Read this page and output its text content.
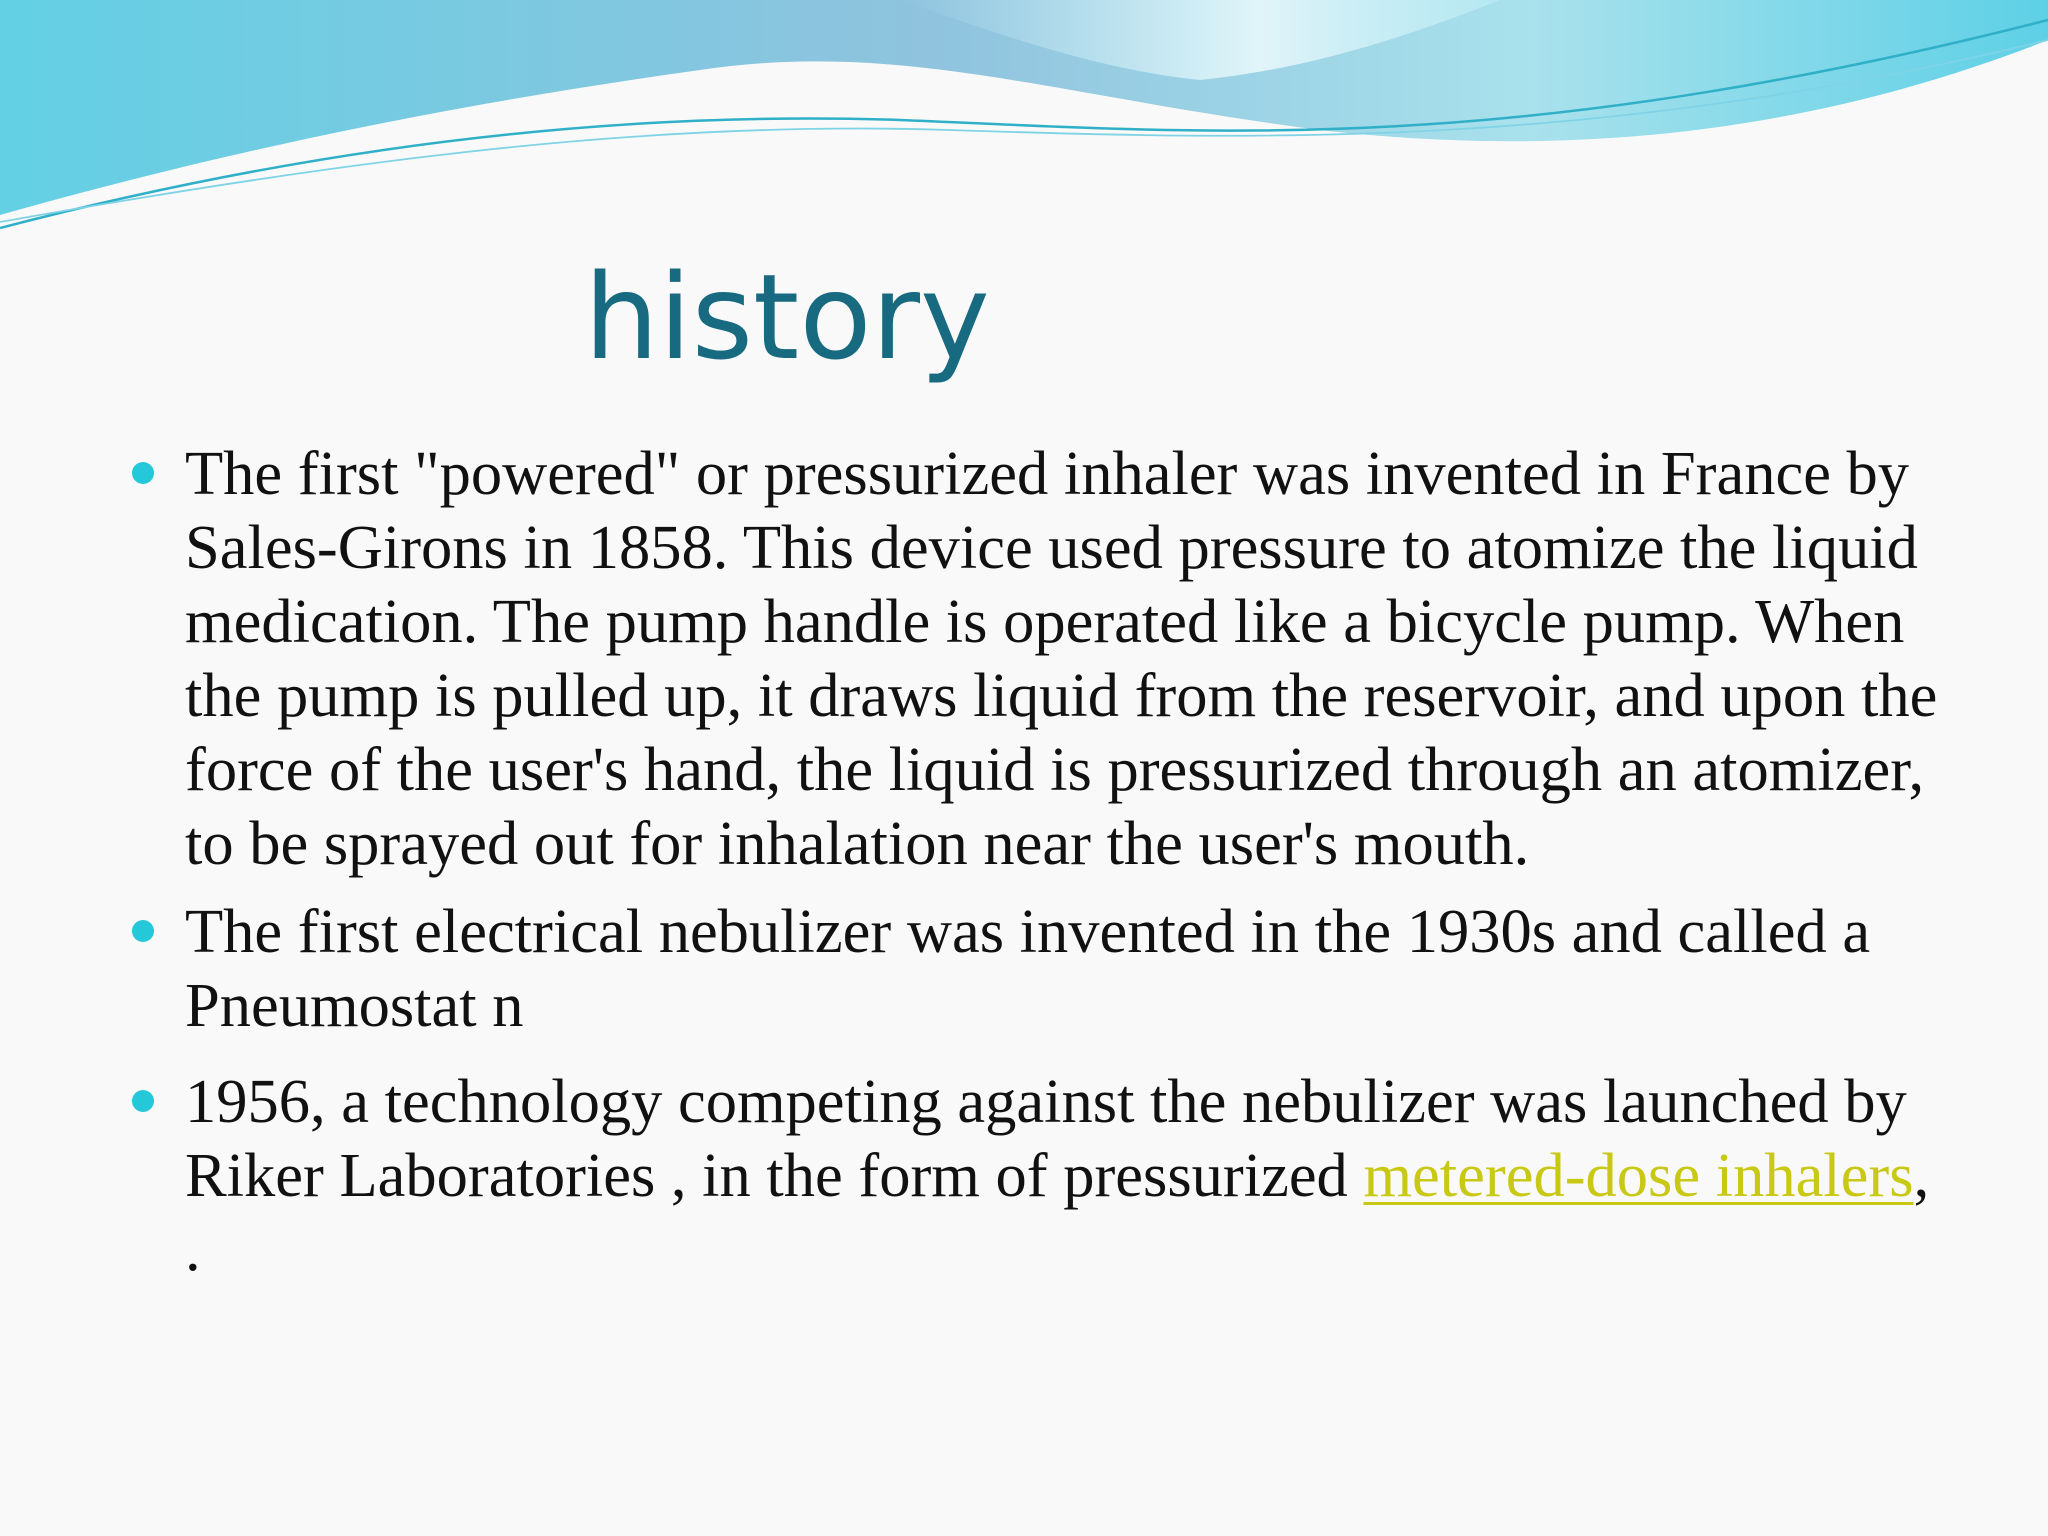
history

The first "powered" or pressurized inhaler was invented in France by Sales-Girons in 1858. This device used pressure to atomize the liquid medication. The pump handle is operated like a bicycle pump. When the pump is pulled up, it draws liquid from the reservoir, and upon the force of the user's hand, the liquid is pressurized through an atomizer, to be sprayed out for inhalation near the user's mouth.

The first electrical nebulizer was invented in the 1930s and called a Pneumostat n

1956, a technology competing against the nebulizer was launched by Riker Laboratories , in the form of pressurized metered-dose inhalers, .
